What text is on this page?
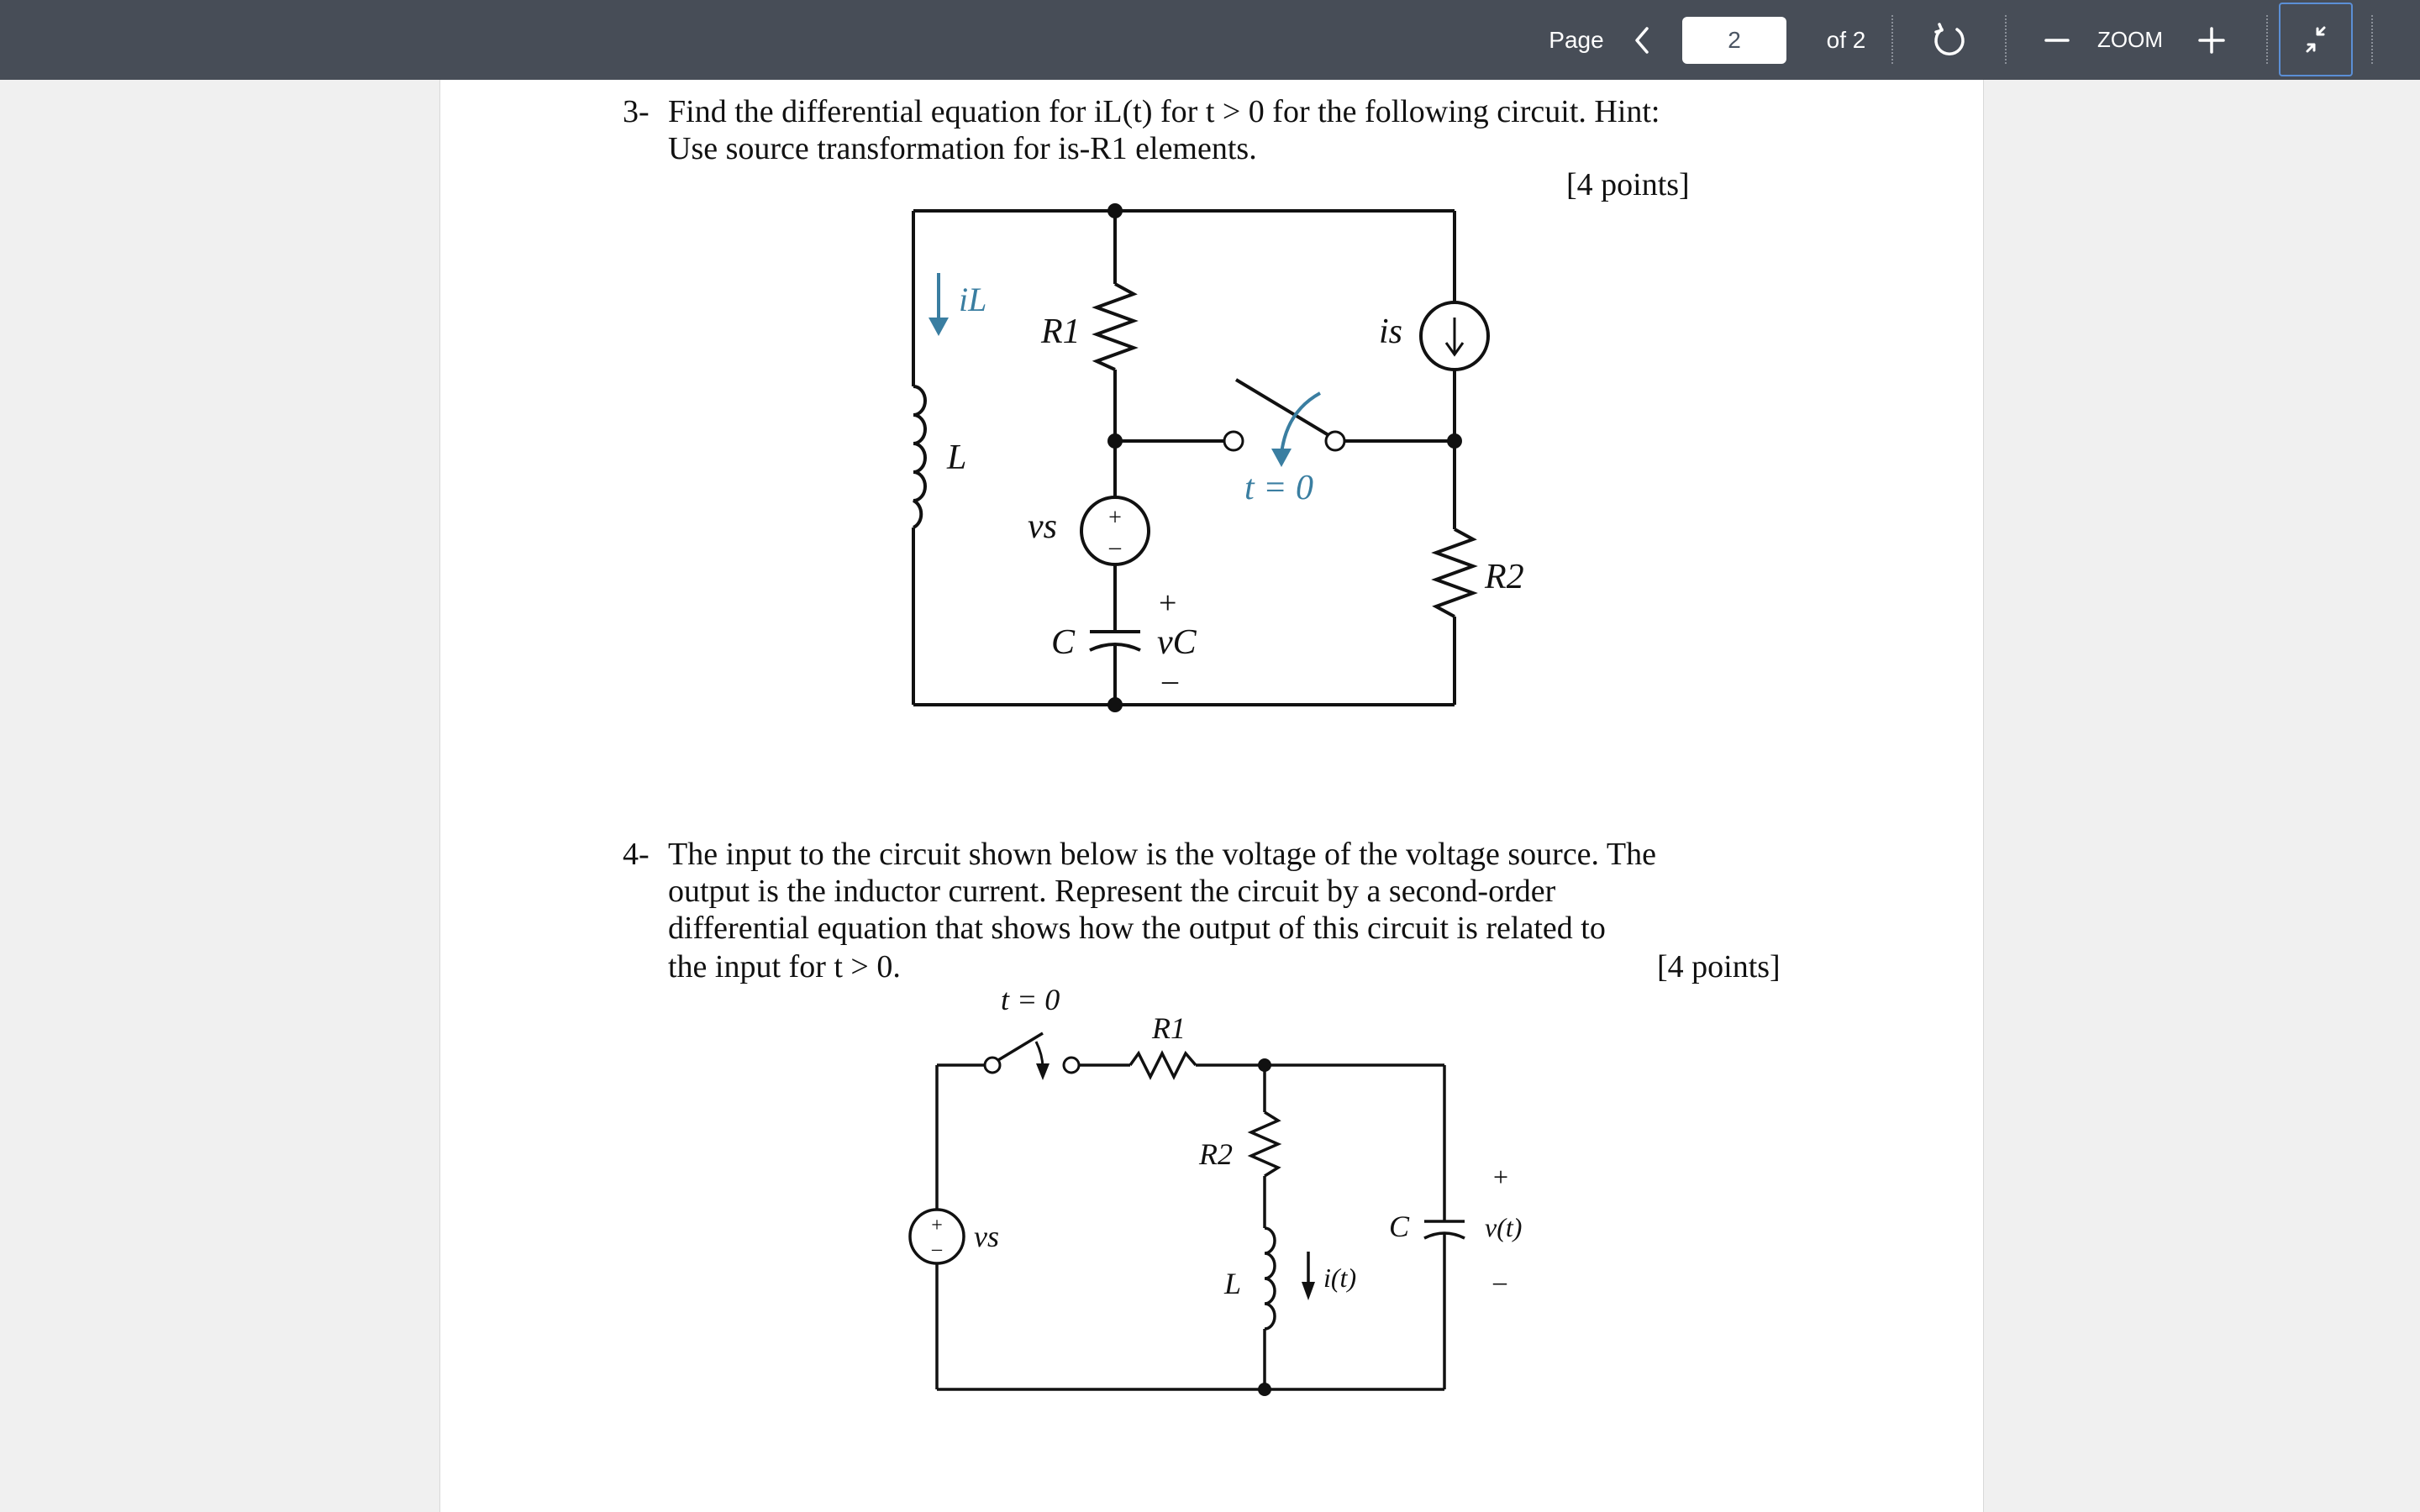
Page
2	of 2	ZOOM
3- Find the differential equation for iL(t) for t > 0 for the following circuit. Hint:
Use source transformation for is-R1 elements.
[4 points]
+
–
iL
R1
L
is
t = 0
vs
R2
C
+
vC
–
4- The input to the circuit shown below is the voltage of the voltage source. The
output is the inductor current. Represent the circuit by a second-order
differential equation that shows how the output of this circuit is related to
the input for t > 0.	[4 points]
+
–
t = 0
R1
R2
C
+
v(t)
–
vs
L	i(t)
